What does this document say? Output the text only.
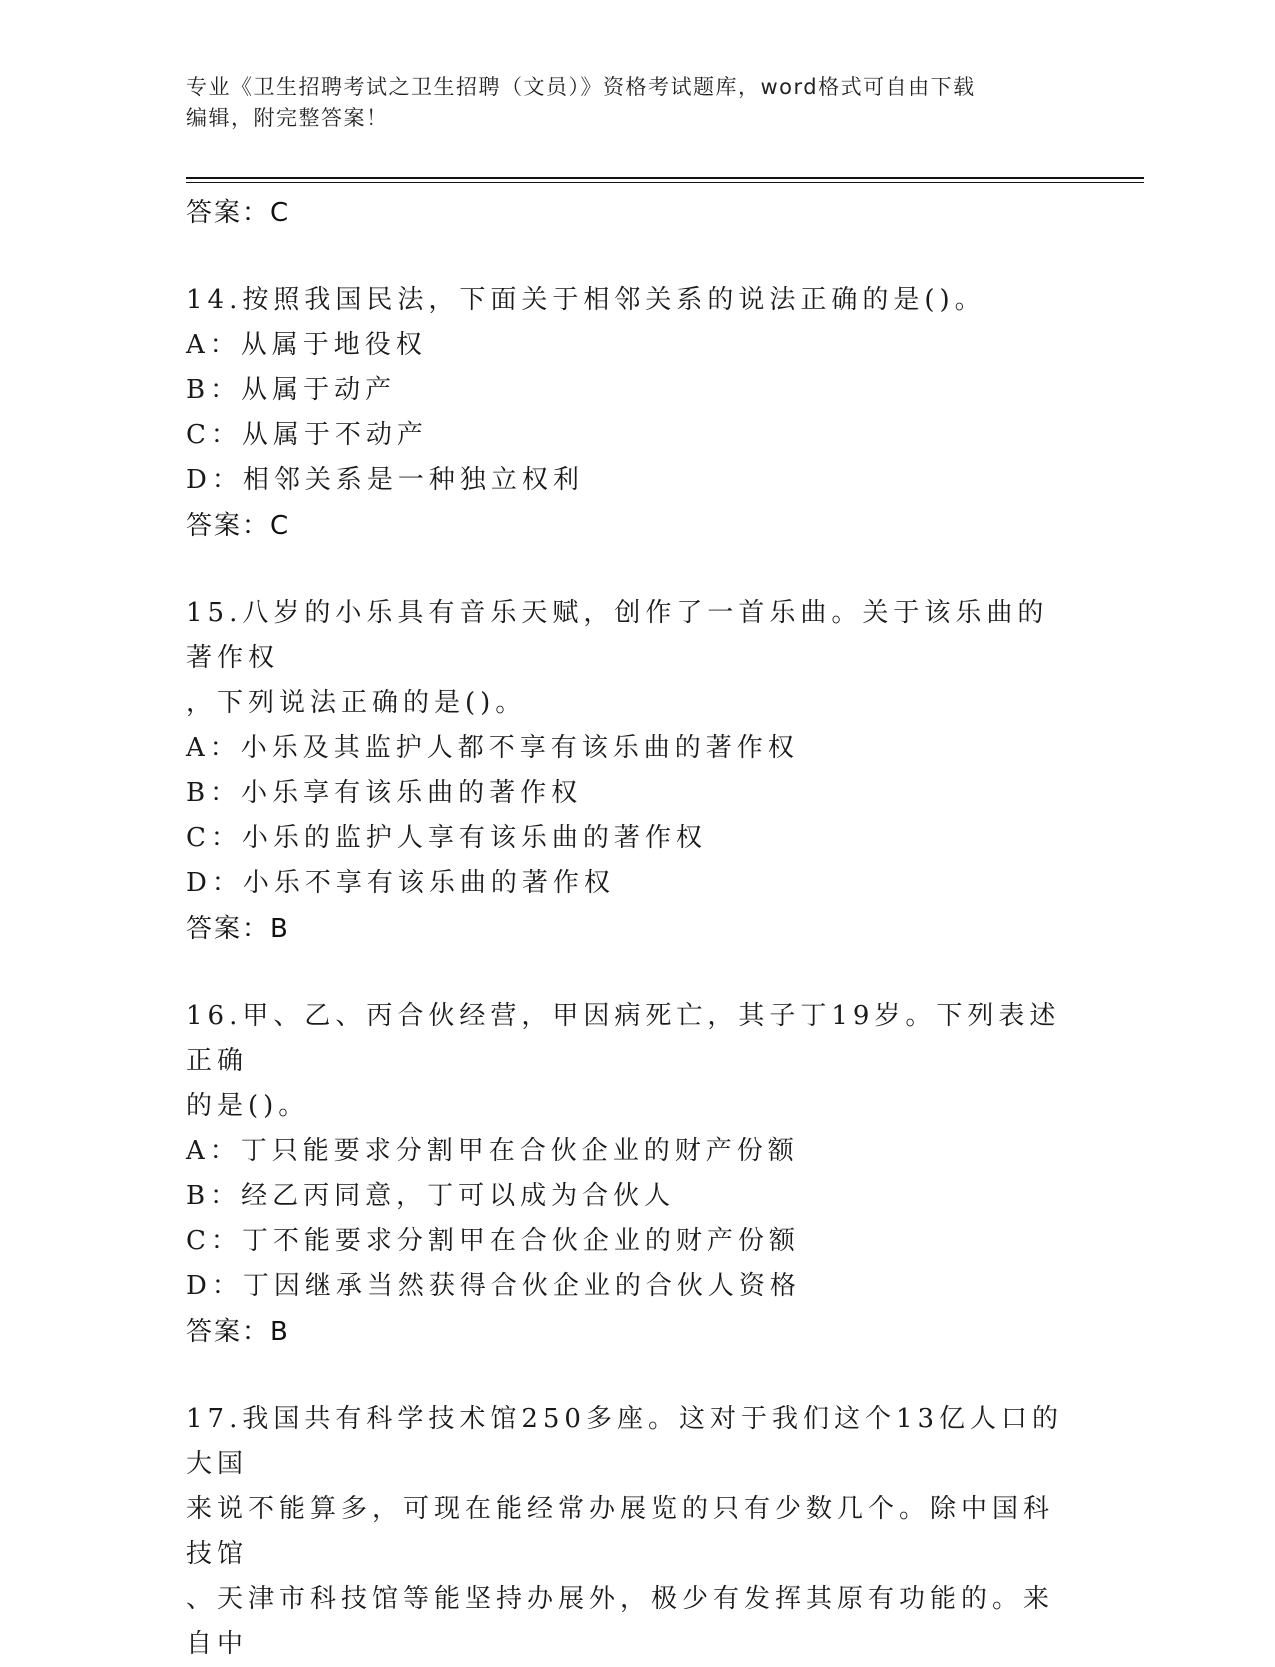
专业《卫生招聘考试之卫生招聘（文员）》资格考试题库，word格式可自由下载
编辑，附完整答案！
答案：C
14.按照我国民法，下面关于相邻关系的说法正确的是()。
A：从属于地役权
B：从属于动产
C：从属于不动产
D：相邻关系是一种独立权利
答案：C
15.八岁的小乐具有音乐天赋，创作了一首乐曲。关于该乐曲的著作权
，下列说法正确的是()。
A：小乐及其监护人都不享有该乐曲的著作权
B：小乐享有该乐曲的著作权
C：小乐的监护人享有该乐曲的著作权
D：小乐不享有该乐曲的著作权
答案：B
16.甲、乙、丙合伙经营，甲因病死亡，其子丁19岁。下列表述正确
的是()。
A：丁只能要求分割甲在合伙企业的财产份额
B：经乙丙同意，丁可以成为合伙人
C：丁不能要求分割甲在合伙企业的财产份额
D：丁因继承当然获得合伙企业的合伙人资格
答案：B
17.我国共有科学技术馆250多座。这对于我们这个13亿人口的大国
来说不能算多，可现在能经常办展览的只有少数几个。除中国科技馆
、天津市科技馆等能坚持办展外，极少有发挥其原有功能的。来自中
